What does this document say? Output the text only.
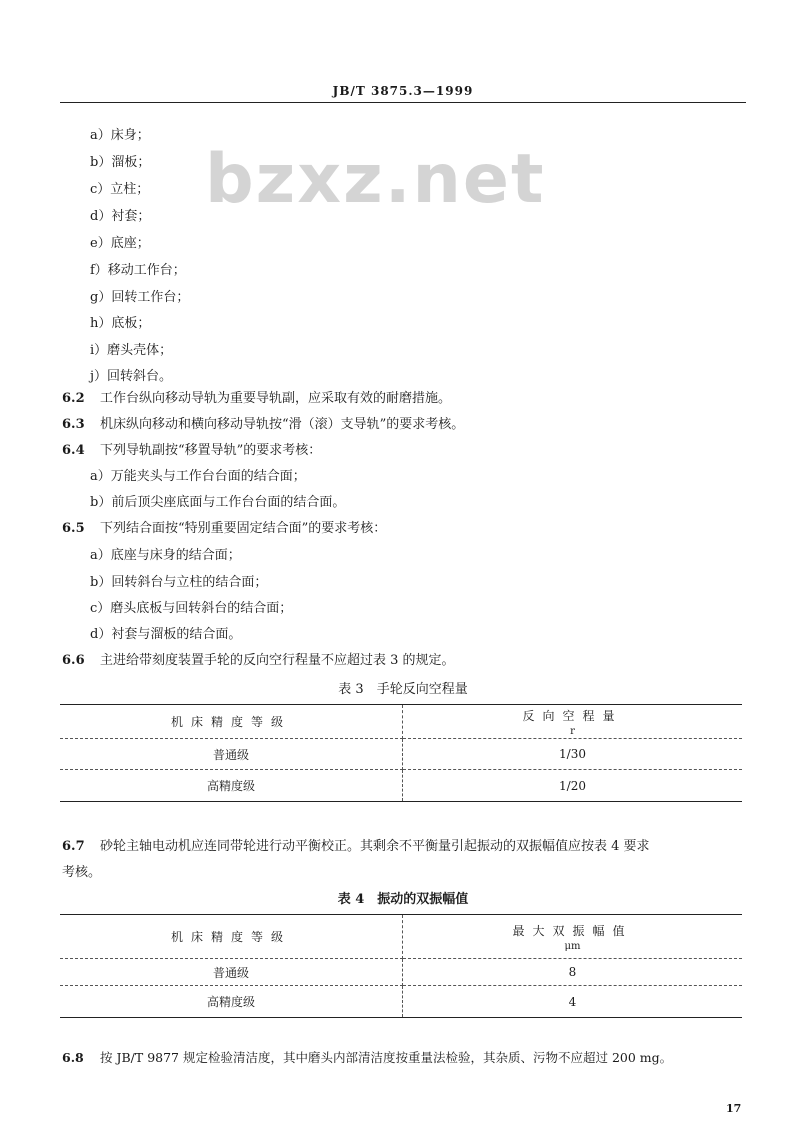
JB/T 3875.3—1999
bzxz.net
a）床身；
b）溜板；
c）立柱；
d）衬套；
e）底座；
f）移动工作台；
g）回转工作台；
h）底板；
i）磨头壳体；
j）回转斜台。
6.2 工作台纵向移动导轨为重要导轨副，应采取有效的耐磨措施。
6.3 机床纵向移动和横向移动导轨按“滑（滚）支导轨”的要求考核。
6.4 下列导轨副按“移置导轨”的要求考核：
a）万能夹头与工作台台面的结合面；
b）前后顶尖座底面与工作台台面的结合面。
6.5 下列结合面按“特别重要固定结合面”的要求考核：
a）底座与床身的结合面；
b）回转斜台与立柱的结合面；
c）磨头底板与回转斜台的结合面；
d）衬套与溜板的结合面。
6.6 主进给带刻度装置手轮的反向空行程量不应超过表 3 的规定。
表 3　手轮反向空程量
机床精度等级	反向空程量
r

普通级	1/30
高精度级	1/20
6.7 砂轮主轴电动机应连同带轮进行动平衡校正。其剩余不平衡量引起振动的双振幅值应按表 4 要求
考核。
表 4　振动的双振幅值
机床精度等级	最大双振幅值
μm

普通级	8
高精度级	4
6.8 按 JB/T 9877 规定检验清洁度，其中磨头内部清洁度按重量法检验，其杂质、污物不应超过 200 mg。
17
